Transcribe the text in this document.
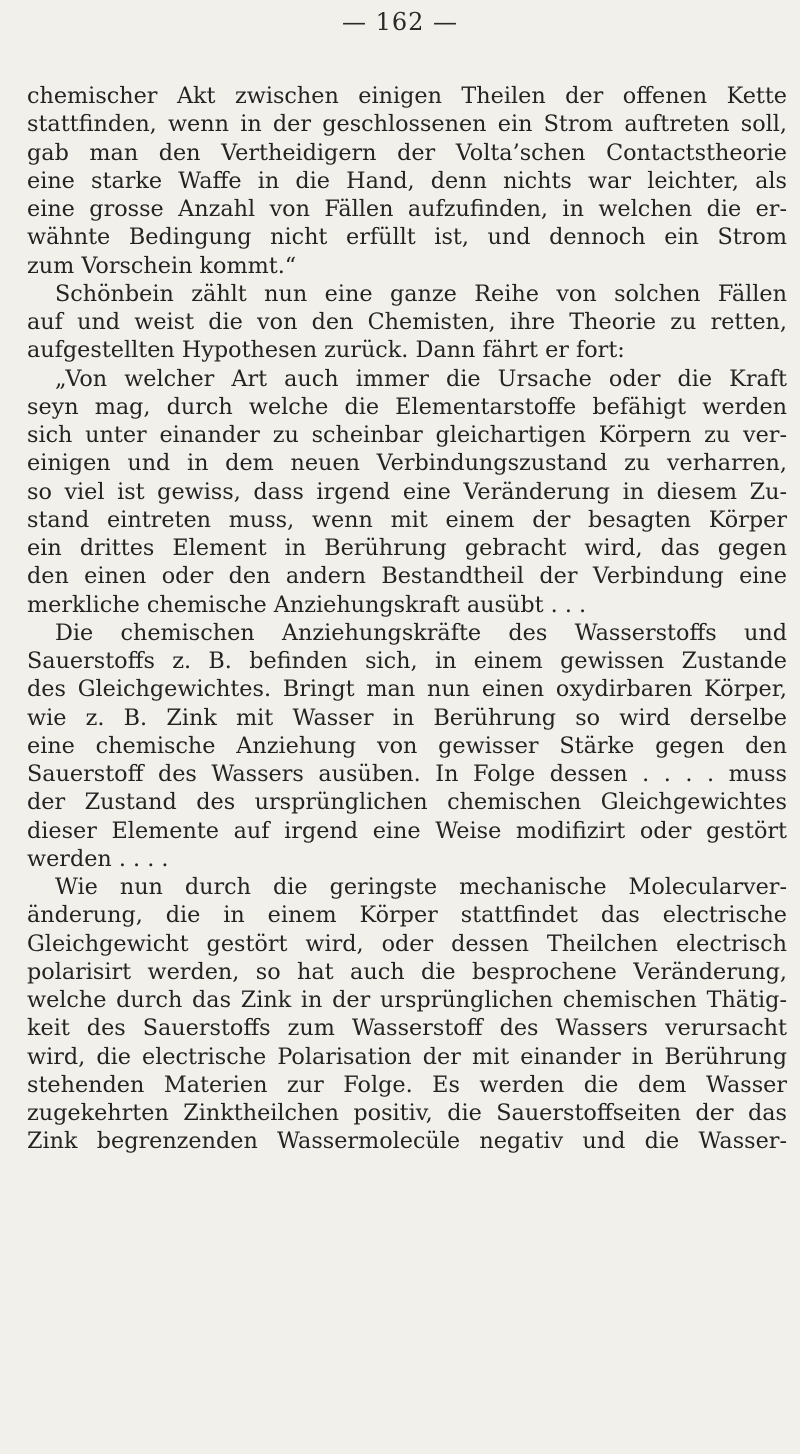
— 162 —
chemischer Akt zwischen einigen Theilen der offenen Kette
stattfinden, wenn in der geschlossenen ein Strom auftreten soll,
gab man den Vertheidigern der Volta’schen Contactstheorie
eine starke Waffe in die Hand, denn nichts war leichter, als
eine grosse Anzahl von Fällen aufzufinden, in welchen die er-
wähnte Bedingung nicht erfüllt ist, und dennoch ein Strom
zum Vorschein kommt.“
Schönbein zählt nun eine ganze Reihe von solchen Fällen
auf und weist die von den Chemisten, ihre Theorie zu retten,
aufgestellten Hypothesen zurück. Dann fährt er fort:
„Von welcher Art auch immer die Ursache oder die Kraft
seyn mag, durch welche die Elementarstoffe befähigt werden
sich unter einander zu scheinbar gleichartigen Körpern zu ver-
einigen und in dem neuen Verbindungszustand zu verharren,
so viel ist gewiss, dass irgend eine Veränderung in diesem Zu-
stand eintreten muss, wenn mit einem der besagten Körper
ein drittes Element in Berührung gebracht wird, das gegen
den einen oder den andern Bestandtheil der Verbindung eine
merkliche chemische Anziehungskraft ausübt . . .
Die chemischen Anziehungskräfte des Wasserstoffs und
Sauerstoffs z. B. befinden sich, in einem gewissen Zustande
des Gleichgewichtes. Bringt man nun einen oxydirbaren Körper,
wie z. B. Zink mit Wasser in Berührung so wird derselbe
eine chemische Anziehung von gewisser Stärke gegen den
Sauerstoff des Wassers ausüben. In Folge dessen . . . . muss
der Zustand des ursprünglichen chemischen Gleichgewichtes
dieser Elemente auf irgend eine Weise modifizirt oder gestört
werden . . . .
Wie nun durch die geringste mechanische Molecularver-
änderung, die in einem Körper stattfindet das electrische
Gleichgewicht gestört wird, oder dessen Theilchen electrisch
polarisirt werden, so hat auch die besprochene Veränderung,
welche durch das Zink in der ursprünglichen chemischen Thätig-
keit des Sauerstoffs zum Wasserstoff des Wassers verursacht
wird, die electrische Polarisation der mit einander in Berührung
stehenden Materien zur Folge. Es werden die dem Wasser
zugekehrten Zinktheilchen positiv, die Sauerstoffseiten der das
Zink begrenzenden Wassermolecüle negativ und die Wasser-
